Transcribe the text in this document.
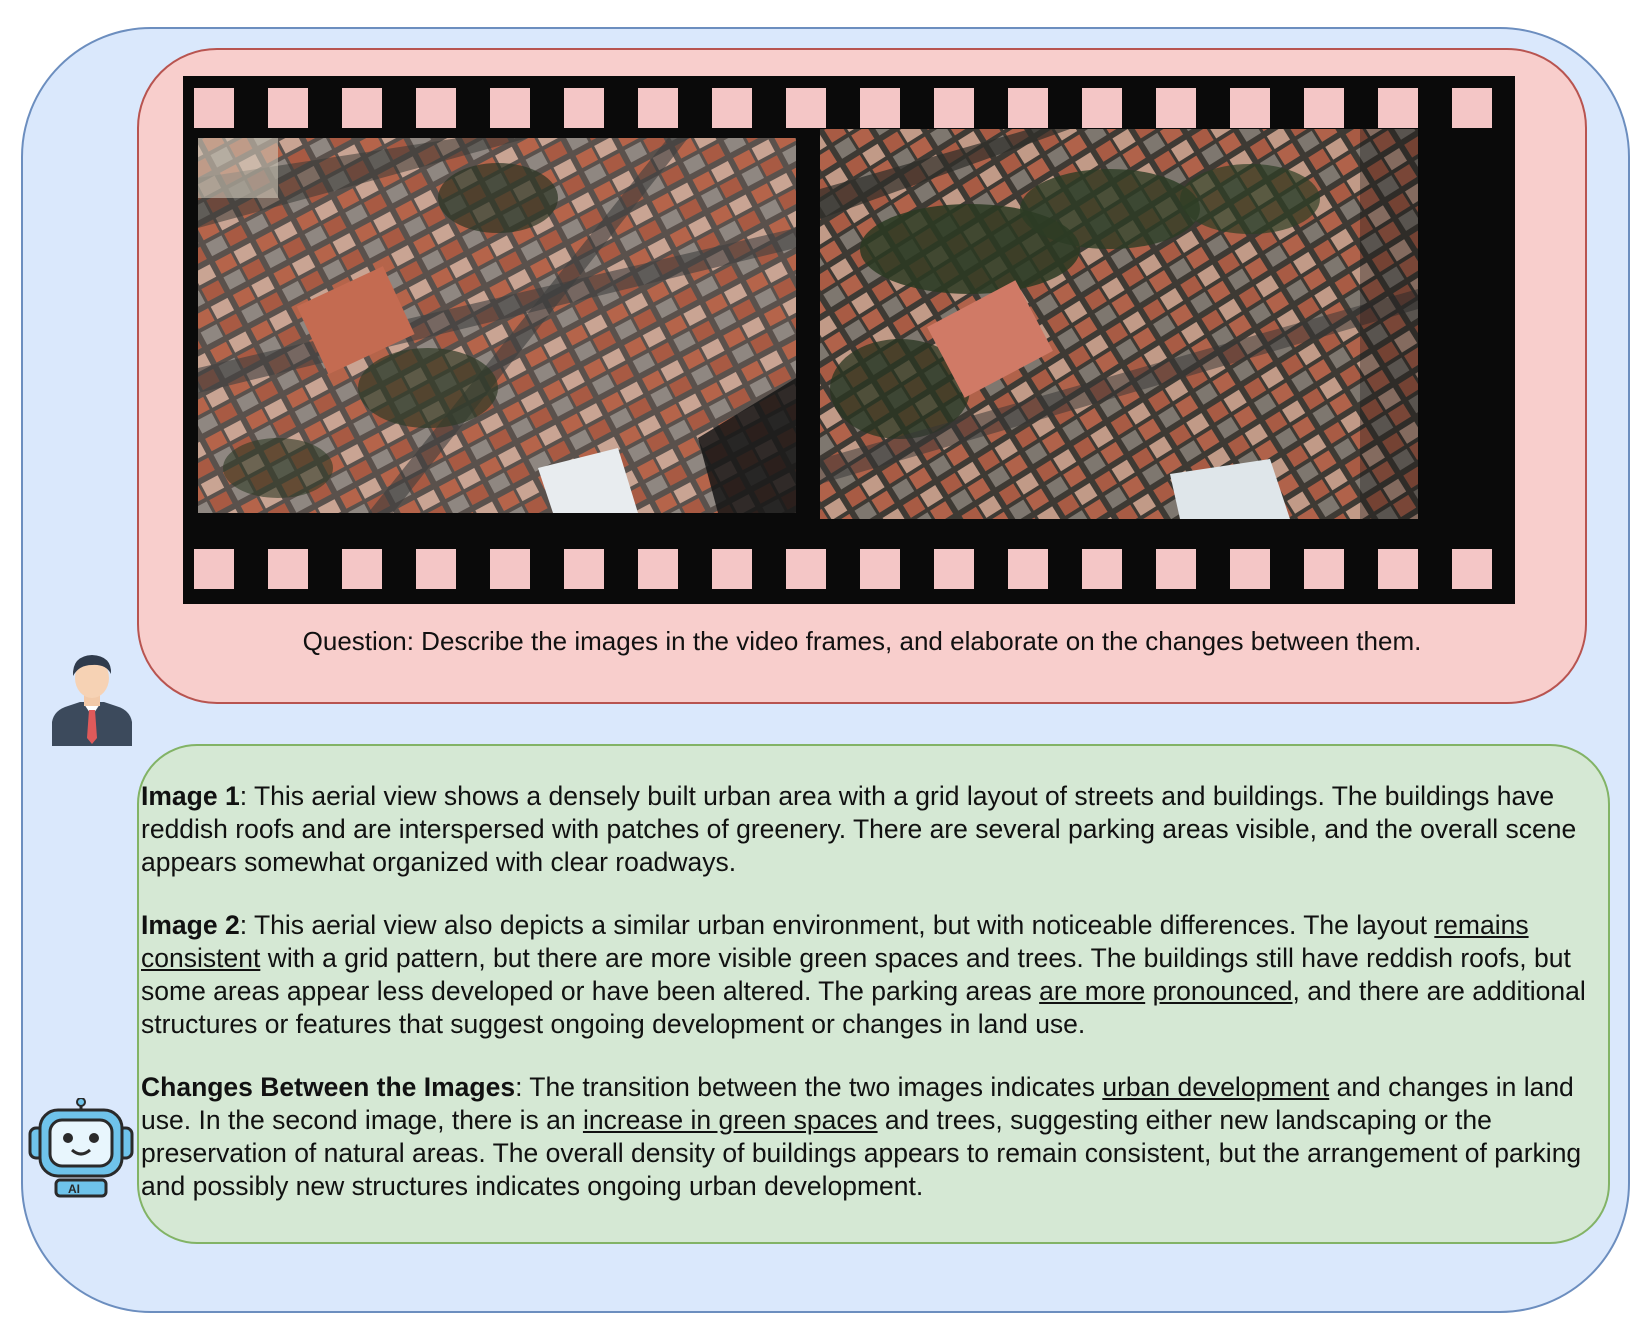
Question: Describe the images in the video frames, and elaborate on the changes between them.

Image 1: This aerial view shows a densely built urban area with a grid layout of streets and buildings. The buildings have reddish roofs and are interspersed with patches of greenery. There are several parking areas visible, and the overall scene appears somewhat organized with clear roadways.

Image 2: This aerial view also depicts a similar urban environment, but with noticeable differences. The layout remains consistent with a grid pattern, but there are more visible green spaces and trees. The buildings still have reddish roofs, but some areas appear less developed or have been altered. The parking areas are more pronounced, and there are additional structures or features that suggest ongoing development or changes in land use.

Changes Between the Images: The transition between the two images indicates urban development and changes in land use. In the second image, there is an increase in green spaces and trees, suggesting either new landscaping or the preservation of natural areas. The overall density of buildings appears to remain consistent, but the arrangement of parking and possibly new structures indicates ongoing urban development.

AI
